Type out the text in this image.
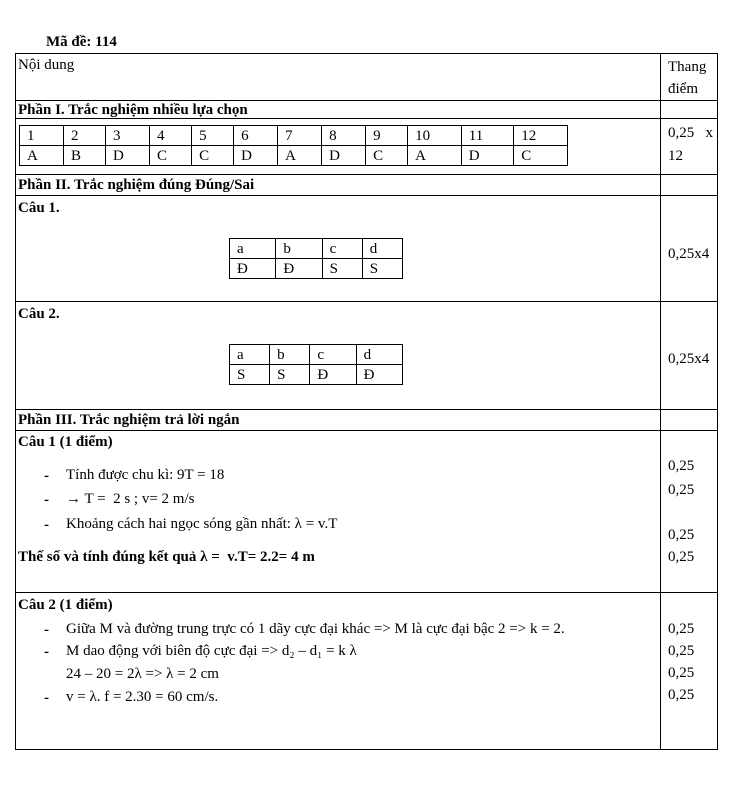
Mã đề: 114
Nội dung	Thang điểm
Phần I. Trắc nghiệm nhiều lựa chọn
1	2	3	4	5	6	7	8	9	10	11	12
A	B	D	C	C	D	A	D	C	A	D	C
0,25   x
12
Phần II. Trắc nghiệm đúng Đúng/Sai
Câu 1.
a	b	c	d
Đ	Đ	S	S
0,25x4
Câu 2.
a	b	c	d
S	S	Đ	Đ
0,25x4
Phần III. Trắc nghiệm trả lời ngắn
Câu 1 (1 điểm)
- Tính được chu kì: 9T = 18
- → T =  2 s ; v= 2 m/s
- Khoảng cách hai ngọc sóng gần nhất: λ = v.T
Thế số và tính đúng kết quả λ =  v.T= 2.2= 4 m
0,25
0,25
0,25
0,25
Câu 2 (1 điểm)
- Giữa M và đường trung trực có 1 dãy cực đại khác => M là cực đại bậc 2 => k = 2.
- M dao động với biên độ cực đại => d₂ – d₁ = k λ
24 – 20 = 2λ => λ = 2 cm
- v = λ. f = 2.30 = 60 cm/s.
0,25
0,25
0,25
0,25
